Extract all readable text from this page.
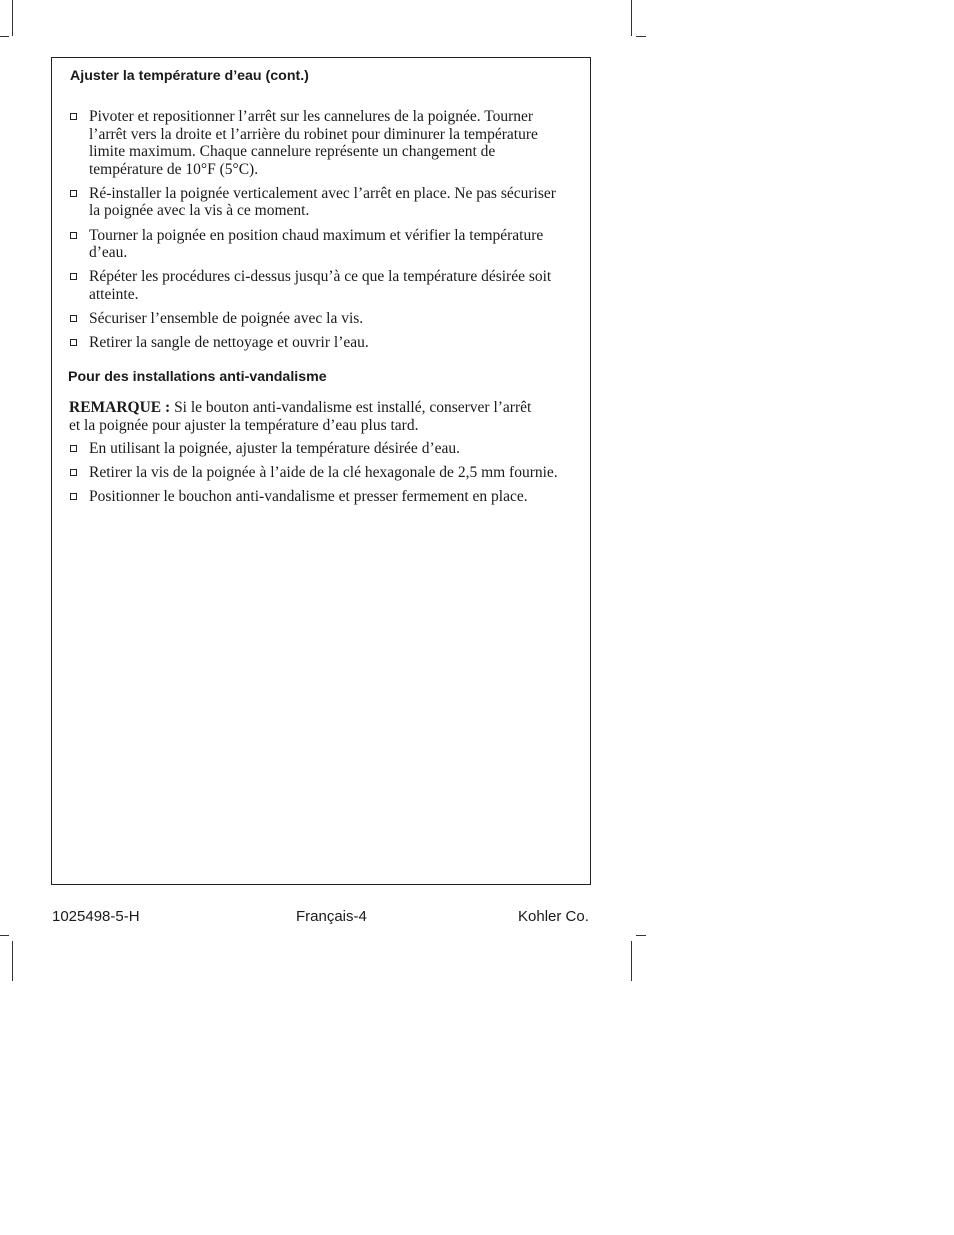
Ajuster la température d’eau (cont.)
Pivoter et repositionner l’arrêt sur les cannelures de la poignée. Tourner l’arrêt vers la droite et l’arrière du robinet pour diminurer la température limite maximum. Chaque cannelure représente un changement de température de 10°F (5°C).
Ré-installer la poignée verticalement avec l’arrêt en place. Ne pas sécuriser la poignée avec la vis à ce moment.
Tourner la poignée en position chaud maximum et vérifier la température d’eau.
Répéter les procédures ci-dessus jusqu’à ce que la température désirée soit atteinte.
Sécuriser l’ensemble de poignée avec la vis.
Retirer la sangle de nettoyage et ouvrir l’eau.
Pour des installations anti-vandalisme

REMARQUE : Si le bouton anti-vandalisme est installé, conserver l’arrêt et la poignée pour ajuster la température d’eau plus tard.

En utilisant la poignée, ajuster la température désirée d’eau.
Retirer la vis de la poignée à l’aide de la clé hexagonale de 2,5 mm fournie.
Positionner le bouchon anti-vandalisme et presser fermement en place.
1025498-5-H	Français-4	Kohler Co.
